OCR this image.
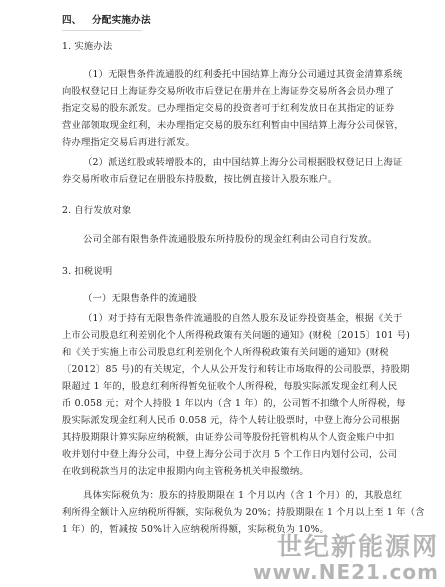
四、 分配实施办法
1. 实施办法
（1）无限售条件流通股的红利委托中国结算上海分公司通过其资金清算系统
向股权登记日上海证券交易所收市后登记在册并在上海证券交易所各会员办理了
指定交易的股东派发。已办理指定交易的投资者可于红利发放日在其指定的证券
营业部领取现金红利，未办理指定交易的股东红利暂由中国结算上海分公司保管，
待办理指定交易后再进行派发。
（2）派送红股或转增股本的，由中国结算上海分公司根据股权登记日上海证
券交易所收市后登记在册股东持股数，按比例直接计入股东账户。
2. 自行发放对象
公司全部有限售条件流通股股东所持股份的现金红利由公司自行发放。
3. 扣税说明
（一）无限售条件的流通股
（1）对于持有无限售条件流通股的自然人股东及证券投资基金，根据《关于
上市公司股息红利差别化个人所得税政策有关问题的通知》(财税〔2015〕101 号)
和《关于实施上市公司股息红利差别化个人所得税政策有关问题的通知》(财税
〔2012〕85 号)的有关规定，个人从公开发行和转让市场取得的公司股票，持股期
限超过 1 年的，股息红利所得暂免征收个人所得税，每股实际派发现金红利人民
币 0.058 元；对个人持股 1 年以内（含 1 年）的，公司暂不扣缴个人所得税，每
股实际派发现金红利人民币 0.058 元，待个人转让股票时，中登上海分公司根据
其持股期限计算实际应纳税额，由证券公司等股份托管机构从个人资金账户中扣
收并划付中登上海分公司，中登上海分公司于次月 5 个工作日内划付公司，公司
在收到税款当月的法定申报期内向主管税务机关申报缴纳。
具体实际税负为：股东的持股期限在 1 个月以内（含 1 个月）的，其股息红
利所得全额计入应纳税所得额，实际税负为 20%；持股期限在 1 个月以上至 1 年（含
1 年）的，暂减按 50%计入应纳税所得额，实际税负为 10%。
世纪新能源网
www.NE21.com
